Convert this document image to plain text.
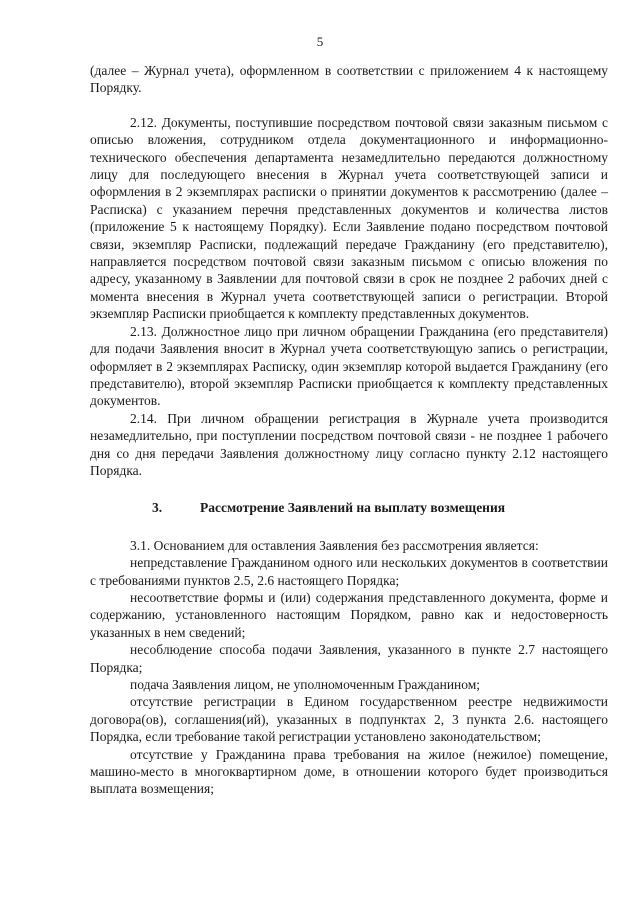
5

(далее – Журнал учета), оформленном в соответствии с приложением 4 к настоящему Порядку.

2.12. Документы, поступившие посредством почтовой связи заказным письмом с описью вложения, сотрудником отдела документационного и информационно-технического обеспечения департамента незамедлительно передаются должностному лицу для последующего внесения в Журнал учета соответствующей записи и оформления в 2 экземплярах расписки о принятии документов к рассмотрению (далее – Расписка) с указанием перечня представленных документов и количества листов (приложение 5 к настоящему Порядку). Если Заявление подано посредством почтовой связи, экземпляр Расписки, подлежащий передаче Гражданину (его представителю), направляется посредством почтовой связи заказным письмом с описью вложения по адресу, указанному в Заявлении для почтовой связи в срок не позднее 2 рабочих дней с момента внесения в Журнал учета соответствующей записи о регистрации. Второй экземпляр Расписки приобщается к комплекту представленных документов.

2.13. Должностное лицо при личном обращении Гражданина (его представителя) для подачи Заявления вносит в Журнал учета соответствующую запись о регистрации, оформляет в 2 экземплярах Расписку, один экземпляр которой выдается Гражданину (его представителю), второй экземпляр Расписки приобщается к комплекту представленных документов.

2.14. При личном обращении регистрация в Журнале учета производится незамедлительно, при поступлении посредством почтовой связи - не позднее 1 рабочего дня со дня передачи Заявления должностному лицу согласно пункту 2.12 настоящего Порядка.

3.	Рассмотрение Заявлений на выплату возмещения

3.1. Основанием для оставления Заявления без рассмотрения является:

непредставление Гражданином одного или нескольких документов в соответствии с требованиями пунктов 2.5, 2.6 настоящего Порядка;

несоответствие формы и (или) содержания представленного документа, форме и содержанию, установленного настоящим Порядком, равно как и недостоверность указанных в нем сведений;

несоблюдение способа подачи Заявления, указанного в пункте 2.7 настоящего Порядка;

подача Заявления лицом, не уполномоченным Гражданином;

отсутствие регистрации в Едином государственном реестре недвижимости договора(ов), соглашения(ий), указанных в подпунктах 2, 3 пункта 2.6. настоящего Порядка, если требование такой регистрации установлено законодательством;

отсутствие у Гражданина права требования на жилое (нежилое) помещение, машино-место в многоквартирном доме, в отношении которого будет производиться выплата возмещения;
